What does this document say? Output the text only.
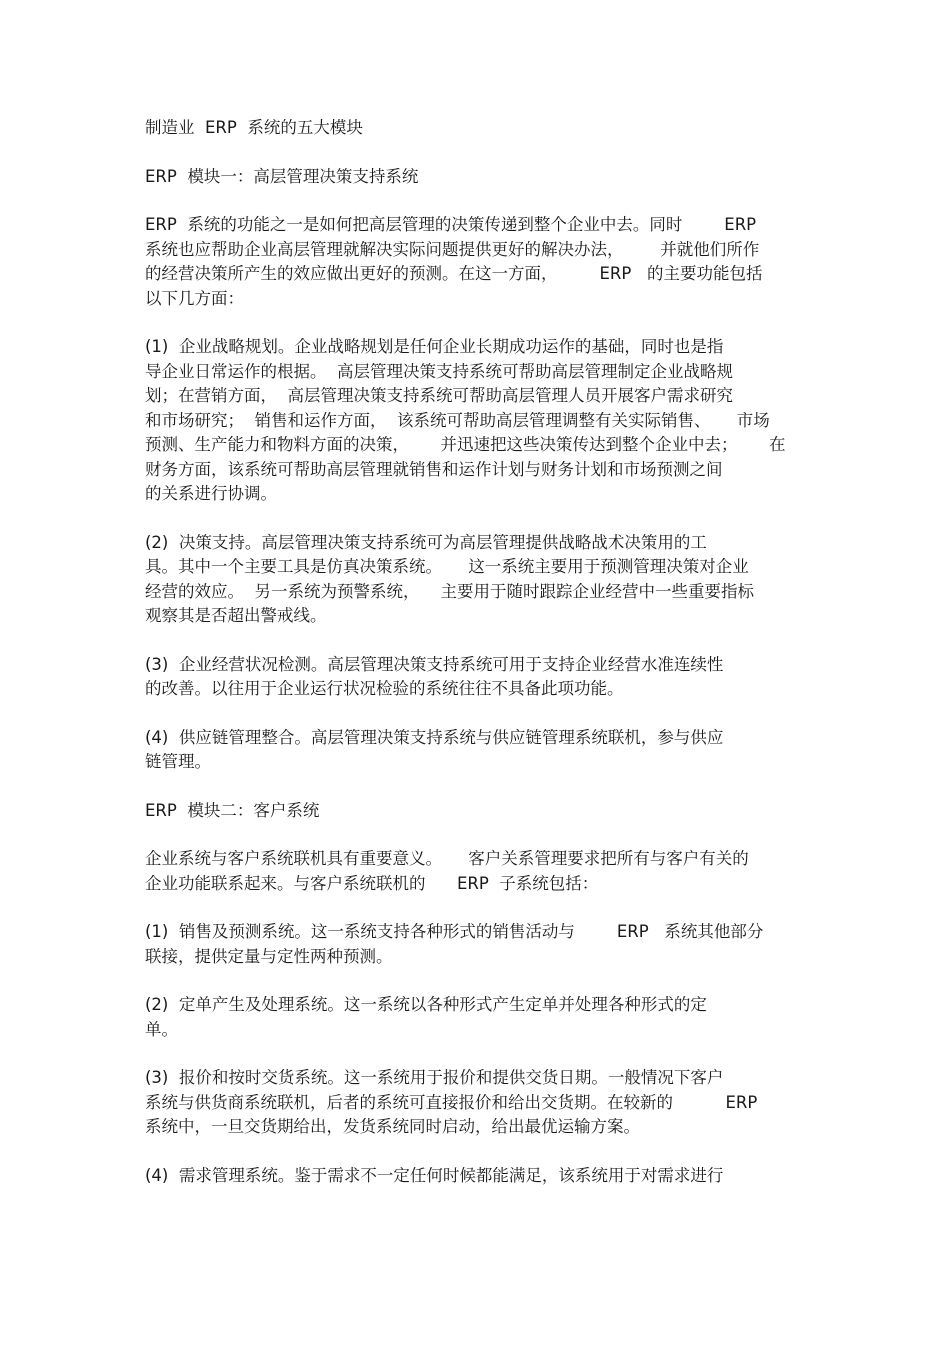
制造业  ERP  系统的五大模块

ERP  模块一：高层管理决策支持系统

ERP  系统的功能之一是如何把高层管理的决策传递到整个企业中去。同时        ERP
系统也应帮助企业高层管理就解决实际问题提供更好的解决办法，       并就他们所作
的经营决策所产生的效应做出更好的预测。在这一方面，        ERP   的主要功能包括
以下几方面：

(1)  企业战略规划。企业战略规划是任何企业长期成功运作的基础，同时也是指
导企业日常运作的根据。  高层管理决策支持系统可帮助高层管理制定企业战略规
划；在营销方面，  高层管理决策支持系统可帮助高层管理人员开展客户需求研究
和市场研究；  销售和运作方面，  该系统可帮助高层管理调整有关实际销售、     市场
预测、生产能力和物料方面的决策，      并迅速把这些决策传达到整个企业中去；      在
财务方面，该系统可帮助高层管理就销售和运作计划与财务计划和市场预测之间
的关系进行协调。

(2)  决策支持。高层管理决策支持系统可为高层管理提供战略战术决策用的工
具。其中一个主要工具是仿真决策系统。     这一系统主要用于预测管理决策对企业
经营的效应。  另一系统为预警系统，    主要用于随时跟踪企业经营中一些重要指标
观察其是否超出警戒线。

(3)  企业经营状况检测。高层管理决策支持系统可用于支持企业经营水准连续性
的改善。以往用于企业运行状况检验的系统往往不具备此项功能。

(4)  供应链管理整合。高层管理决策支持系统与供应链管理系统联机，参与供应
链管理。

ERP  模块二：客户系统

企业系统与客户系统联机具有重要意义。     客户关系管理要求把所有与客户有关的
企业功能联系起来。与客户系统联机的      ERP  子系统包括：

(1)  销售及预测系统。这一系统支持各种形式的销售活动与        ERP   系统其他部分
联接，提供定量与定性两种预测。

(2)  定单产生及处理系统。这一系统以各种形式产生定单并处理各种形式的定
单。

(3)  报价和按时交货系统。这一系统用于报价和提供交货日期。一般情况下客户
系统与供货商系统联机，后者的系统可直接报价和给出交货期。在较新的          ERP
系统中，一旦交货期给出，发货系统同时启动，给出最优运输方案。

(4)  需求管理系统。鉴于需求不一定任何时候都能满足，该系统用于对需求进行
